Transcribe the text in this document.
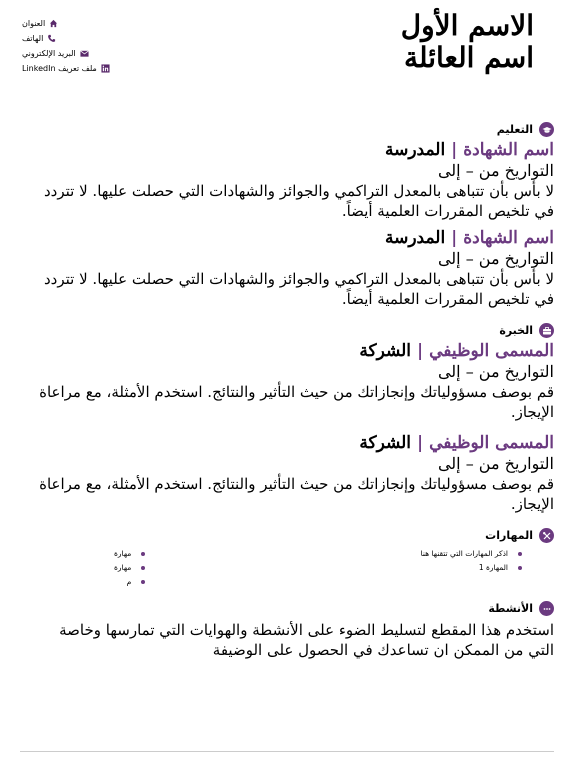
الاسم الأول
اسم العائلة
العنوان
الهاتف
البريد الإلكتروني
ملف تعريف LinkedIn
التعليم
اسم الشهادة | المدرسة
التواريخ من – إلى
لا بأس بأن تتباهى بالمعدل التراكمي والجوائز والشهادات التي حصلت عليها. لا تتردد في تلخيص المقررات العلمية أيضاً.
اسم الشهادة | المدرسة
التواريخ من – إلى
لا بأس بأن تتباهى بالمعدل التراكمي والجوائز والشهادات التي حصلت عليها. لا تتردد في تلخيص المقررات العلمية أيضاً.
الخبرة
المسمى الوظيفي | الشركة
التواريخ من – إلى
قم بوصف مسؤولياتك وإنجازاتك من حيث التأثير والنتائج. استخدم الأمثلة، مع مراعاة الإيجاز.
المسمى الوظيفي | الشركة
التواريخ من – إلى
قم بوصف مسؤولياتك وإنجازاتك من حيث التأثير والنتائج. استخدم الأمثلة، مع مراعاة الإيجاز.
المهارات
اذكر المهارات التي تتقنها هنا
المهارة 1
مهارة
مهارة
م
الأنشطة
استخدم هذا المقطع لتسليط الضوء على الأنشطة والهوايات التي تمارسها وخاصة التي من الممكن ان تساعدك في الحصول على الوضيفة
